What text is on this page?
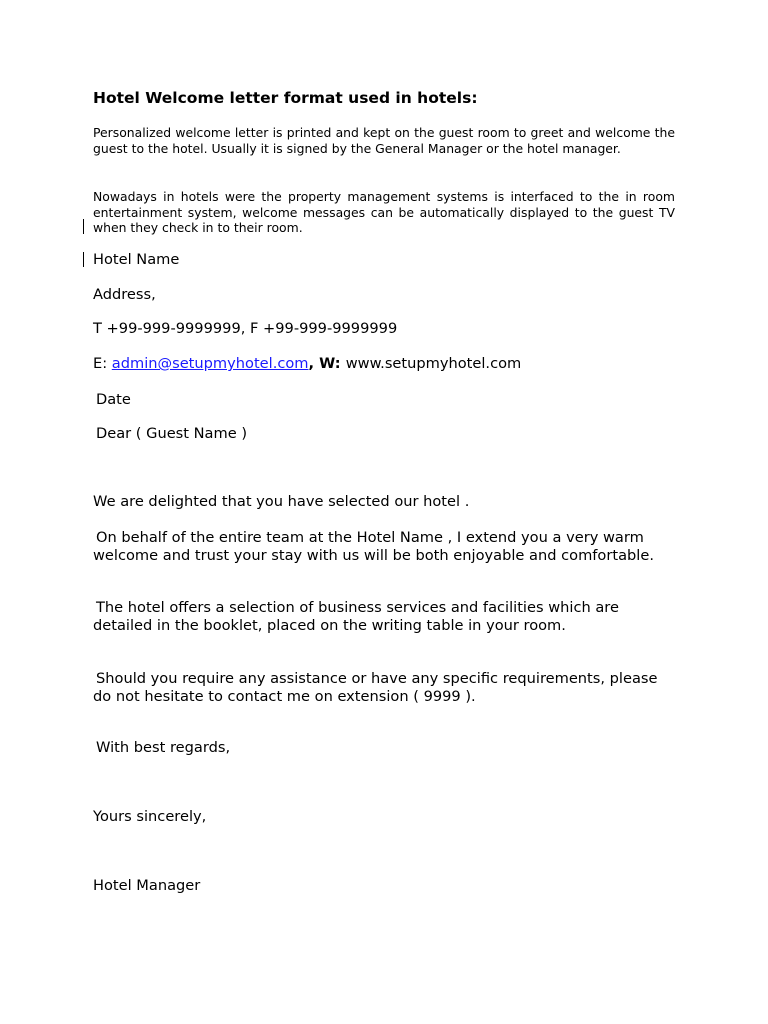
Hotel Welcome letter format used in hotels:
Personalized welcome letter is printed and kept on the guest room to greet and welcome the guest to the hotel. Usually it is signed by the General Manager or the hotel manager.
Nowadays in hotels were the property management systems is interfaced to the in room entertainment system, welcome messages can be automatically displayed to the guest TV when they check in to their room.
Hotel Name
Address,
T +99-999-9999999, F +99-999-9999999
E: admin@setupmyhotel.com, W: www.setupmyhotel.com
Date
Dear ( Guest Name )
We are delighted that you have selected our hotel .
On behalf of the entire team at the Hotel Name , I extend you a very warm welcome and trust your stay with us will be both enjoyable and comfortable.
The hotel offers a selection of business services and facilities which are detailed in the booklet, placed on the writing table in your room.
Should you require any assistance or have any specific requirements, please do not hesitate to contact me on extension ( 9999 ).
With best regards,
Yours sincerely,
Hotel Manager
